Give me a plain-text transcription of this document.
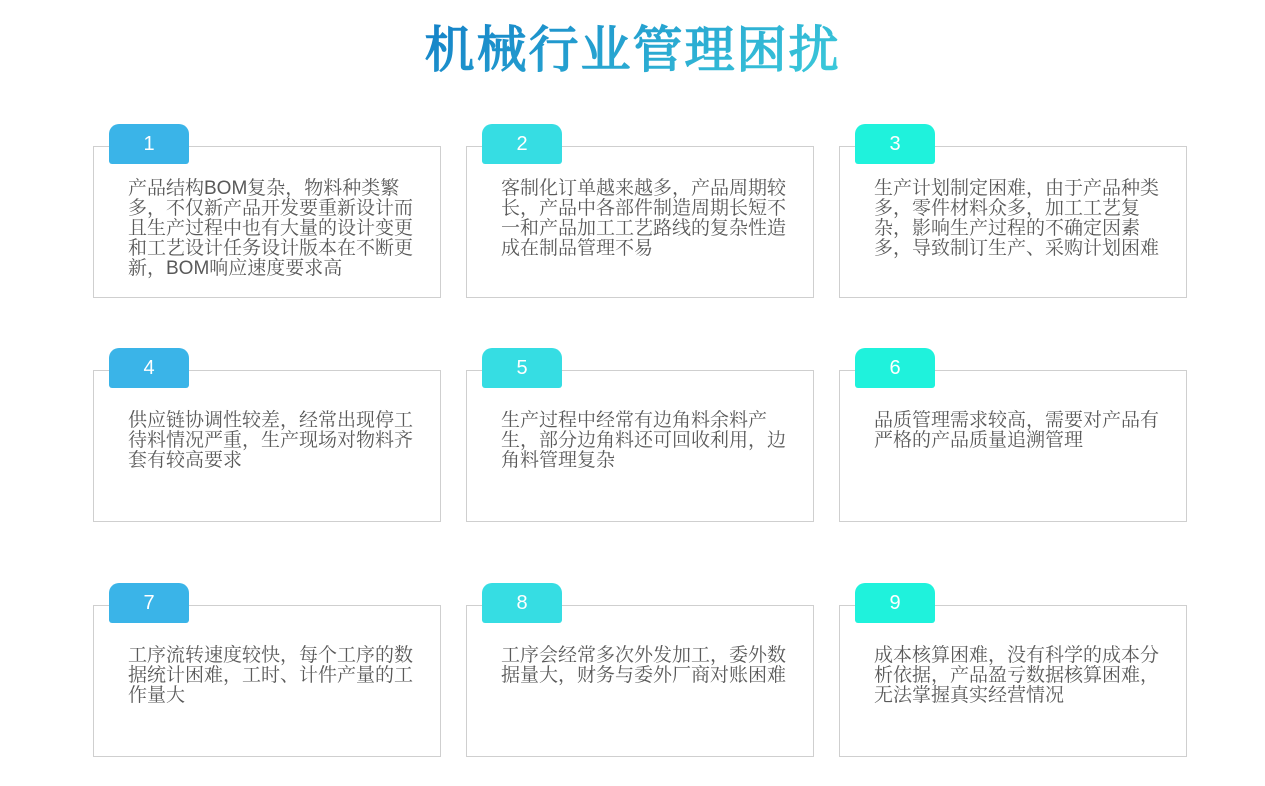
机械行业管理困扰
1

产品结构BOM复杂，物料种类繁多，不仅新产品开发要重新设计而且生产过程中也有大量的设计变更和工艺设计任务设计版本在不断更新，BOM响应速度要求高

2

客制化订单越来越多，产品周期较长，产品中各部件制造周期长短不一和产品加工工艺路线的复杂性造成在制品管理不易

3

生产计划制定困难，由于产品种类多，零件材料众多，加工工艺复杂，影响生产过程的不确定因素多，导致制订生产、采购计划困难

4

供应链协调性较差，经常出现停工待料情况严重，生产现场对物料齐套有较高要求

5

生产过程中经常有边角料余料产生，部分边角料还可回收利用，边角料管理复杂

6

品质管理需求较高，需要对产品有严格的产品质量追溯管理

7

工序流转速度较快，每个工序的数据统计困难，工时、计件产量的工作量大

8

工序会经常多次外发加工，委外数据量大，财务与委外厂商对账困难

9

成本核算困难，没有科学的成本分析依据，产品盈亏数据核算困难，无法掌握真实经营情况
